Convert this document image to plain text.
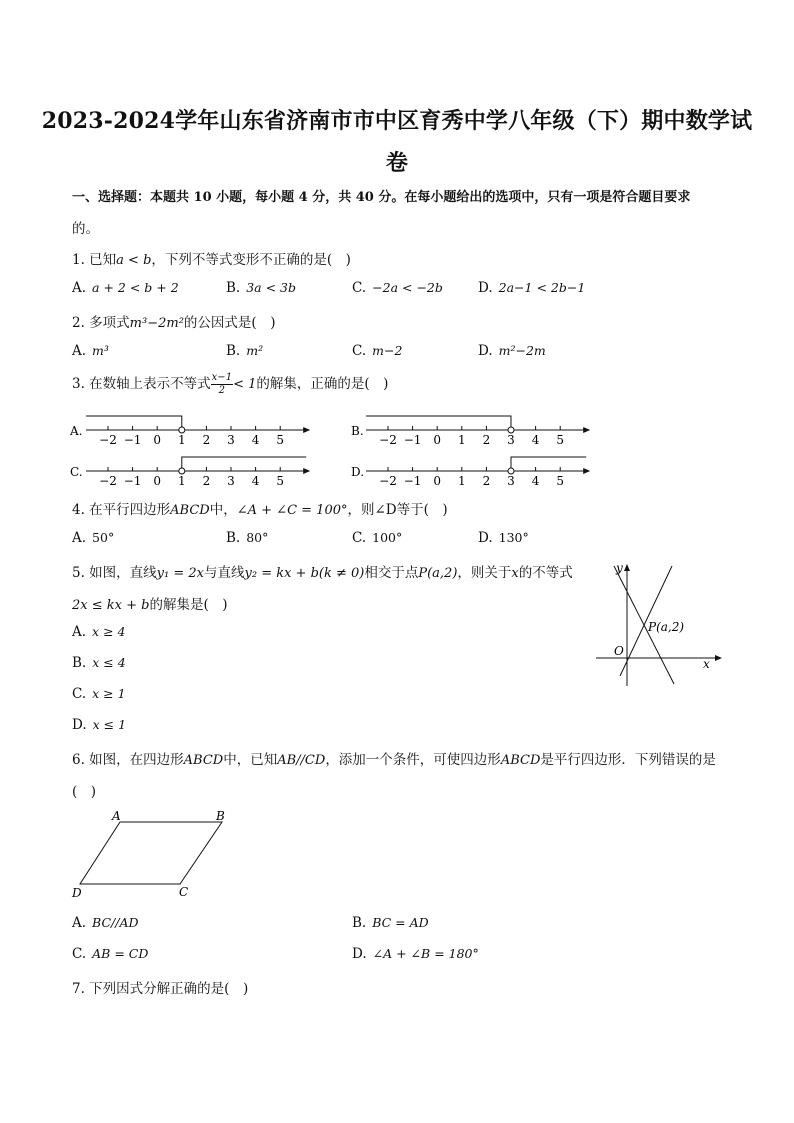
2023-2024学年山东省济南市市中区育秀中学八年级（下）期中数学试
卷
一、选择题：本题共 10 小题，每小题 4 分，共 40 分。在每小题给出的选项中，只有一项是符合题目要求
的。
1. 已知a < b，下列不等式变形不正确的是(　)
A. a + 2 < b + 2	B. 3a < 3b	C. −2a < −2b	D. 2a−1 < 2b−1
2. 多项式m³−2m²的公因式是(　)
A. m³	B. m²	C. m−2	D. m²−2m
3. 在数轴上表示不等式 $\frac{x-1}{2} < 1$的解集，正确的是(　)
A.
−2 −1 0 1 2 3 4 5
B.
−2 −1 0 1 2 3 4 5
C.
−2 −1 0 1 2 3 4 5
D.
−2 −1 0 1 2 3 4 5
4. 在平行四边形ABCD中，∠A + ∠C = 100°，则∠D等于(　)
A. 50°	B. 80°	C. 100°	D. 130°
5. 如图，直线y₁ = 2x与直线y₂ = kx + b(k ≠ 0)相交于点P(a,2)，则关于x的不等式
2x ≤ kx + b的解集是(　)
A. x ≥ 4
B. x ≤ 4
C. x ≥ 1
D. x ≤ 1
y
x
O
P(a,2)
6. 如图，在四边形ABCD中，已知AB//CD，添加一个条件，可使四边形ABCD是平行四边形．下列错误的是
(　)
A	B
C
D
A. BC//AD	B. BC = AD
C. AB = CD	D. ∠A + ∠B = 180°
7. 下列因式分解正确的是(　)
